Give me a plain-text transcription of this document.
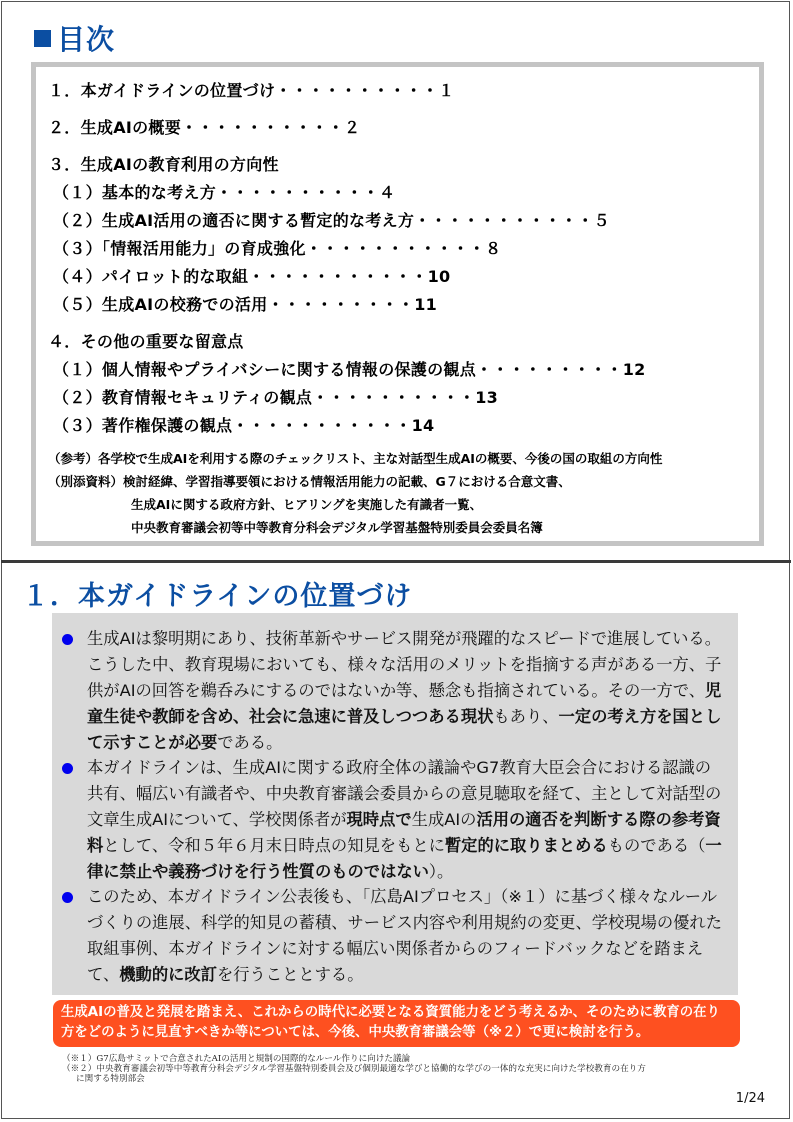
目次
１．本ガイドラインの位置づけ・・・・・・・・・・１
２．生成AIの概要・・・・・・・・・・２
３．生成AIの教育利用の方向性
（１）基本的な考え方・・・・・・・・・・４
（２）生成AI活用の適否に関する暫定的な考え方・・・・・・・・・・・５
（３）「情報活用能力」の育成強化・・・・・・・・・・・８
（４）パイロット的な取組・・・・・・・・・・・10
（５）生成AIの校務での活用・・・・・・・・・11
４．その他の重要な留意点
（１）個人情報やプライバシーに関する情報の保護の観点・・・・・・・・・12
（２）教育情報セキュリティの観点・・・・・・・・・・13
（３）著作権保護の観点・・・・・・・・・・・14
（参考）各学校で生成AIを利用する際のチェックリスト、主な対話型生成AIの概要、今後の国の取組の方向性
（別添資料）検討経緯、学習指導要領における情報活用能力の記載、G７における合意文書、
生成AIに関する政府方針、ヒアリングを実施した有識者一覧、
中央教育審議会初等中等教育分科会デジタル学習基盤特別委員会委員名簿
１．本ガイドラインの位置づけ
生成AIは黎明期にあり、技術革新やサービス開発が飛躍的なスピードで進展している。こうした中、教育現場においても、様々な活用のメリットを指摘する声がある一方、子供がAIの回答を鵜呑みにするのではないか等、懸念も指摘されている。その一方で、児童生徒や教師を含め、社会に急速に普及しつつある現状もあり、一定の考え方を国として示すことが必要である。
本ガイドラインは、生成AIに関する政府全体の議論やG7教育大臣会合における認識の共有、幅広い有識者や、中央教育審議会委員からの意見聴取を経て、主として対話型の文章生成AIについて、学校関係者が現時点で生成AIの活用の適否を判断する際の参考資料として、令和５年６月末日時点の知見をもとに暫定的に取りまとめるものである（一律に禁止や義務づけを行う性質のものではない）。
このため、本ガイドライン公表後も、「広島AIプロセス」（※１）に基づく様々なルールづくりの進展、科学的知見の蓄積、サービス内容や利用規約の変更、学校現場の優れた取組事例、本ガイドラインに対する幅広い関係者からのフィードバックなどを踏まえて、機動的に改訂を行うこととする。
生成AIの普及と発展を踏まえ、これからの時代に必要となる資質能力をどう考えるか、そのために教育の在り方をどのように見直すべきか等については、今後、中央教育審議会等（※２）で更に検討を行う。
（※１）G7広島サミットで合意されたAIの活用と規制の国際的なルール作りに向けた議論
（※２）中央教育審議会初等中等教育分科会デジタル学習基盤特別委員会及び個別最適な学びと協働的な学びの一体的な充実に向けた学校教育の在り方
に関する特別部会
1/24
